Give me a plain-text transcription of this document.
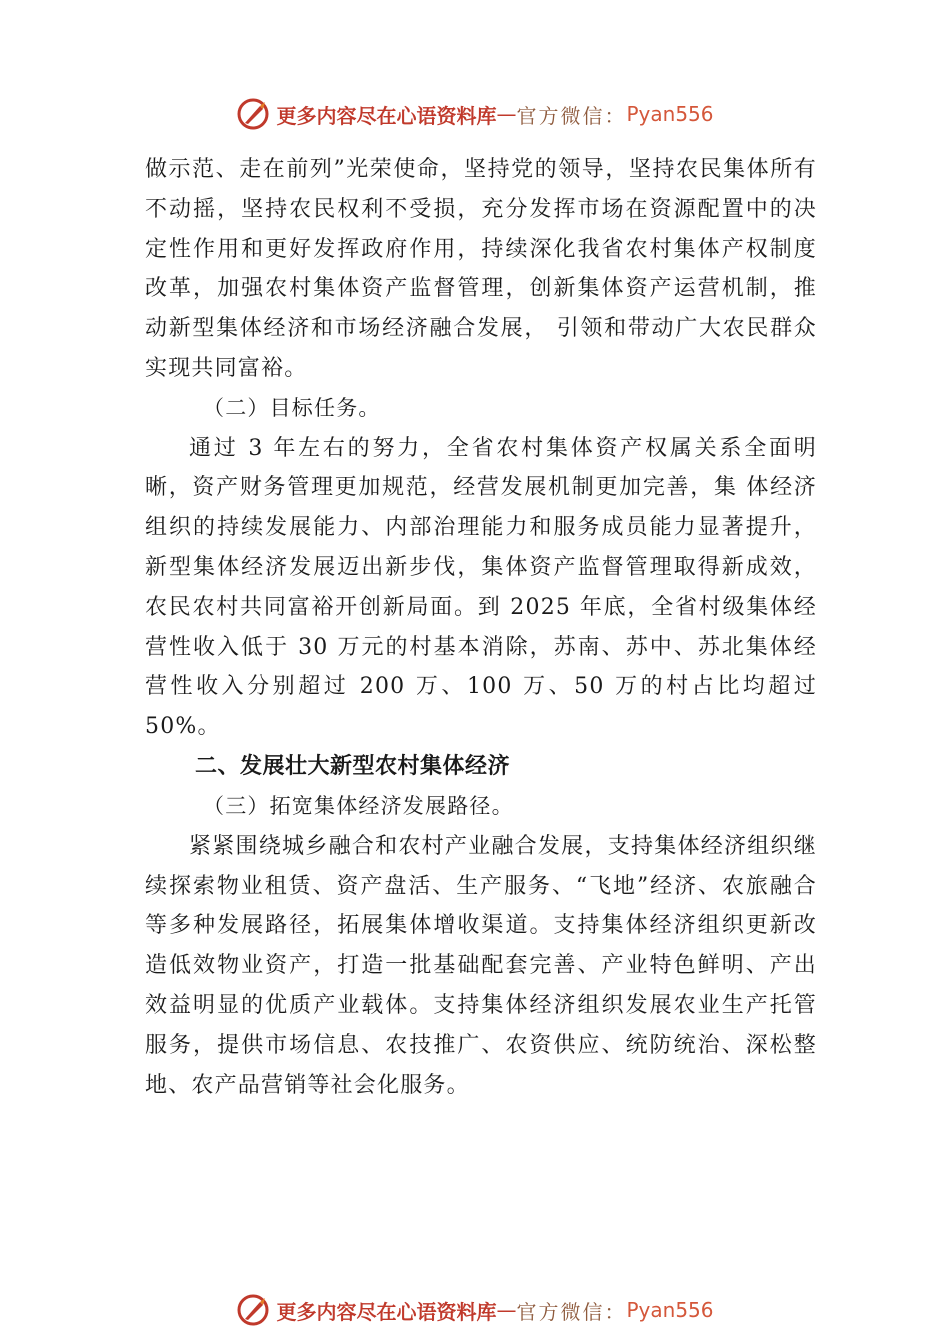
更多内容尽在心语资料库 — 官方微信： Pyan556

做示范、走在前列”光荣使命，坚持党的领导，坚持农民集体所有不动摇，坚持农民权利不受损，充分发挥市场在资源配置中的决定性作用和更好发挥政府作用，持续深化我省农村集体产权制度改革，加强农村集体资产监督管理，创新集体资产运营机制，推动新型集体经济和市场经济融合发展， 引领和带动广大农民群众实现共同富裕。

（二）目标任务。

通过 3 年左右的努力，全省农村集体资产权属关系全面明晰，资产财务管理更加规范，经营发展机制更加完善，集 体经济组织的持续发展能力、内部治理能力和服务成员能力显著提升，新型集体经济发展迈出新步伐，集体资产监督管理取得新成效，农民农村共同富裕开创新局面。到 2025 年底，全省村级集体经营性收入低于 30 万元的村基本消除，苏南、苏中、苏北集体经营性收入分别超过 200 万、100 万、50 万的村占比均超过 50%。

二、发展壮大新型农村集体经济

（三）拓宽集体经济发展路径。

紧紧围绕城乡融合和农村产业融合发展，支持集体经济组织继续探索物业租赁、资产盘活、生产服务、“飞地”经济、农旅融合等多种发展路径，拓展集体增收渠道。支持集体经济组织更新改造低效物业资产，打造一批基础配套完善、产业特色鲜明、产出效益明显的优质产业载体。支持集体经济组织发展农业生产托管服务，提供市场信息、农技推广、农资供应、统防统治、深松整地、农产品营销等社会化服务。

更多内容尽在心语资料库 — 官方微信： Pyan556
